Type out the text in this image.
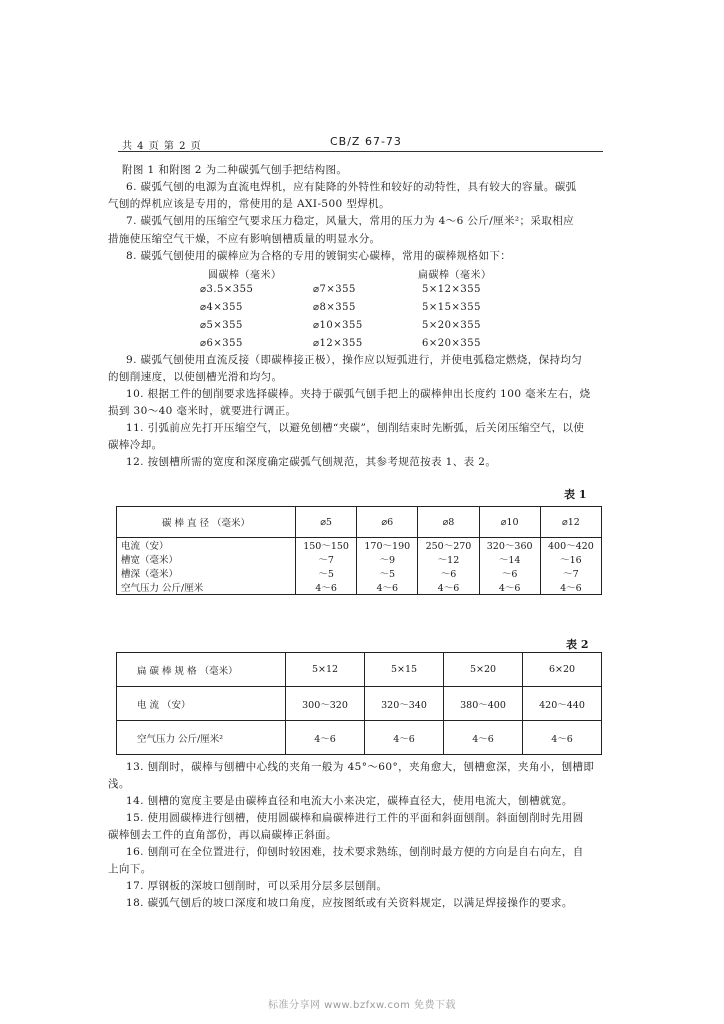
共 4 页 第 2 页	CB/Z 67-73
附图 1 和附图 2 为二种碳弧气刨手把结构图。
6. 碳弧气刨的电源为直流电焊机，应有陡降的外特性和较好的动特性，具有较大的容量。碳弧
气刨的焊机应该是专用的，常使用的是 AXI-500 型焊机。
7. 碳弧气刨用的压缩空气要求压力稳定，风量大，常用的压力为 4～6 公斤/厘米²；采取相应
措施使压缩空气干燥，不应有影响刨槽质量的明显水分。
8. 碳弧气刨使用的碳棒应为合格的专用的镀铜实心碳棒，常用的碳棒规格如下：
圆碳棒（毫米）	扁碳棒（毫米）
⌀3.5×355	⌀7×355	5×12×355
⌀4×355	⌀8×355	5×15×355
⌀5×355	⌀10×355	5×20×355
⌀6×355	⌀12×355	6×20×355
9. 碳弧气刨使用直流反接（即碳棒接正极），操作应以短弧进行，并使电弧稳定燃烧，保持均匀
的刨削速度，以使刨槽光滑和均匀。
10. 根据工件的刨削要求选择碳棒。夹持于碳弧气刨手把上的碳棒伸出长度约 100 毫米左右，烧
损到 30～40 毫米时，就要进行调正。
11. 引弧前应先打开压缩空气，以避免刨槽“夹碳”，刨削结束时先断弧，后关闭压缩空气，以使
碳棒冷却。
12. 按刨槽所需的宽度和深度确定碳弧气刨规范，其参考规范按表 1、表 2。
表 1
碳 棒 直 径 （毫米）	⌀5	⌀6	⌀8	⌀10	⌀12
电流（安）	150～150	170～190	250～270	320～360	400～420
槽宽（毫米）	～7	～9	～12	～14	～16
槽深（毫米）	～5	～5	～6	～6	～7
空气压力 公斤/厘米	4～6	4～6	4～6	4～6	4～6
表 2
扁 碳 棒 规 格 （毫米）	5×12	5×15	5×20	6×20
电 流 （安）	300～320	320～340	380～400	420～440
空气压力 公斤/厘米²	4～6	4～6	4～6	4～6
13. 刨削时，碳棒与刨槽中心线的夹角一般为 45°～60°，夹角愈大，刨槽愈深，夹角小，刨槽即
浅。
14. 刨槽的宽度主要是由碳棒直径和电流大小来决定，碳棒直径大，使用电流大，刨槽就宽。
15. 使用圆碳棒进行刨槽，使用圆碳棒和扁碳棒进行工件的平面和斜面刨削。斜面刨削时先用圆
碳棒刨去工件的直角部份，再以扁碳棒正斜面。
16. 刨削可在全位置进行，仰刨时较困难，技术要求熟练，刨削时最方便的方向是自右向左，自
上向下。
17. 厚钢板的深坡口刨削时，可以采用分层多层刨削。
18. 碳弧气刨后的坡口深度和坡口角度，应按图纸或有关资料规定，以满足焊接操作的要求。
标准分享网 www.bzfxw.com 免费下载
